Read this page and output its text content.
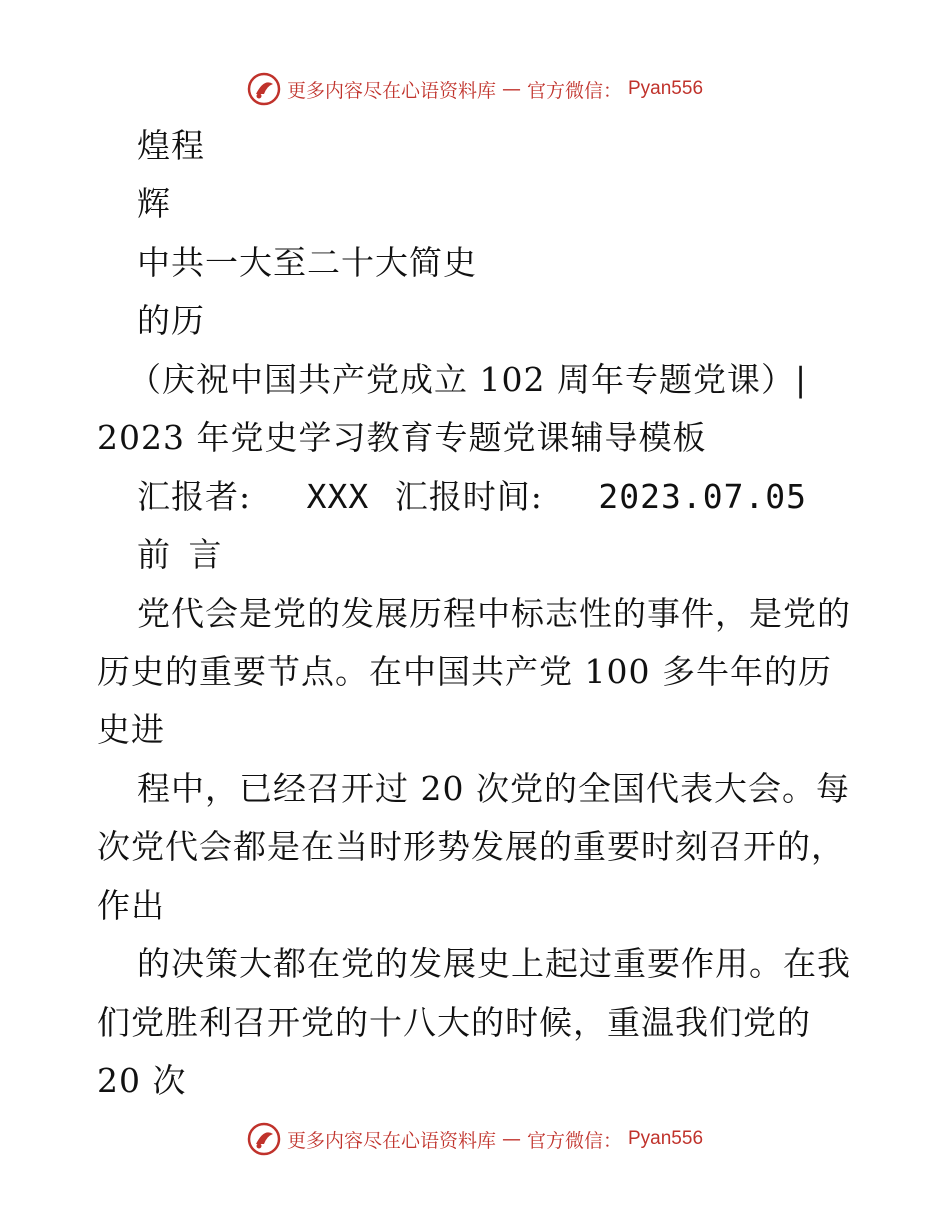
更多内容尽在心语资料库 — 官方微信： Pyan556
煌程
辉
中共一大至二十大简史
的历
（庆祝中国共产党成立 102 周年专题党课）|
2023 年党史学习教育专题党课辅导模板
汇报者: XXX 汇报时间: 2023.07.05
前 言
党代会是党的发展历程中标志性的事件，是党的
历史的重要节点。在中国共产党 100 多牛年的历
史进
程中，已经召开过 20 次党的全国代表大会。每
次党代会都是在当时形势发展的重要时刻召开的，
作出
的决策大都在党的发展史上起过重要作用。在我
们党胜利召开党的十八大的时候，重温我们党的
20 次
更多内容尽在心语资料库 — 官方微信： Pyan556
